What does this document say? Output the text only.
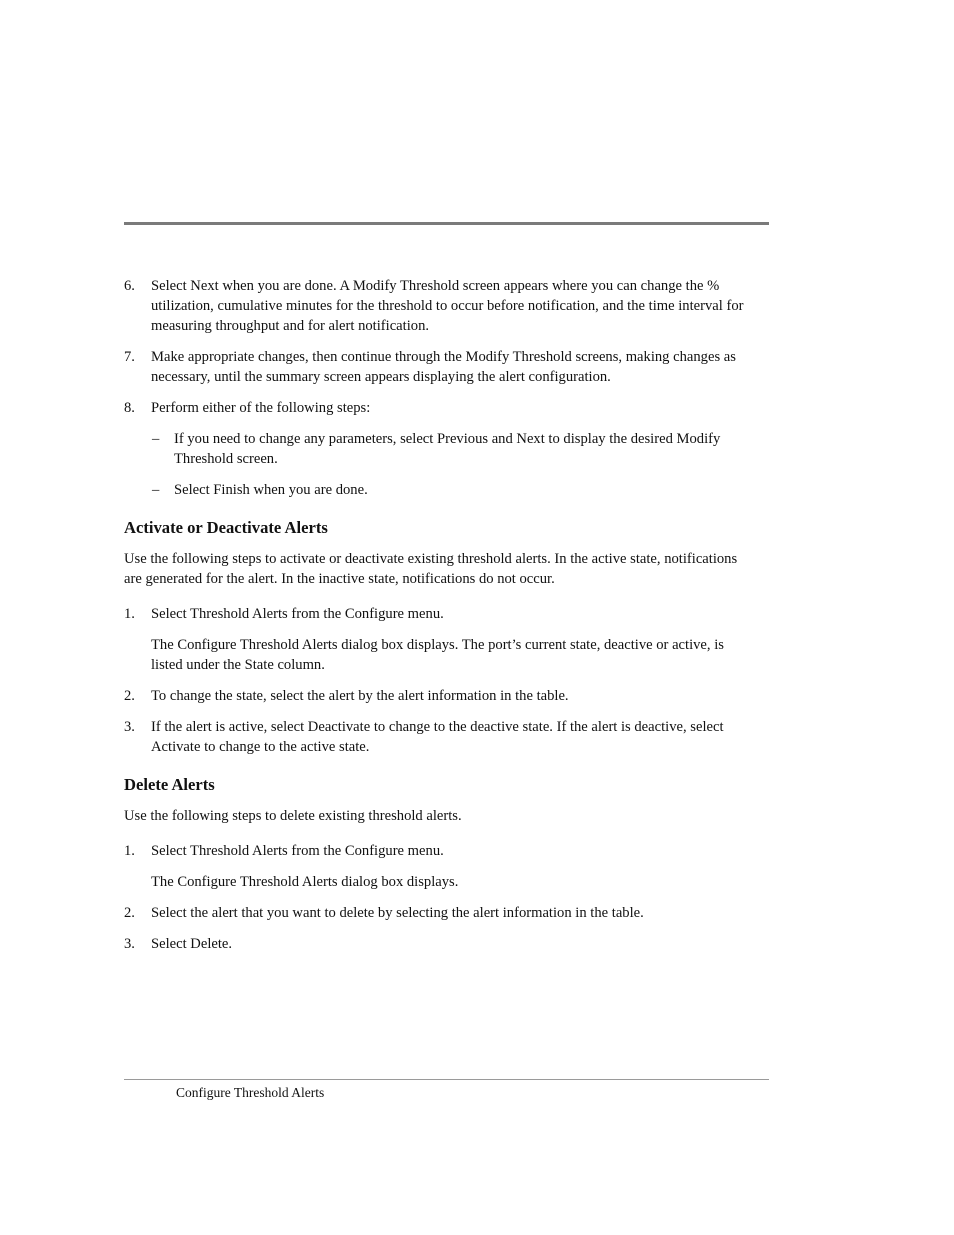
6. Select Next when you are done. A Modify Threshold screen appears where you can change the % utilization, cumulative minutes for the threshold to occur before notification, and the time interval for measuring throughput and for alert notification.
7. Make appropriate changes, then continue through the Modify Threshold screens, making changes as necessary, until the summary screen appears displaying the alert configuration.
8. Perform either of the following steps:
– If you need to change any parameters, select Previous and Next to display the desired Modify Threshold screen.
– Select Finish when you are done.
Activate or Deactivate Alerts
Use the following steps to activate or deactivate existing threshold alerts. In the active state, notifications are generated for the alert. In the inactive state, notifications do not occur.
1. Select Threshold Alerts from the Configure menu.
The Configure Threshold Alerts dialog box displays. The port’s current state, deactive or active, is listed under the State column.
2. To change the state, select the alert by the alert information in the table.
3. If the alert is active, select Deactivate to change to the deactive state. If the alert is deactive, select Activate to change to the active state.
Delete Alerts
Use the following steps to delete existing threshold alerts.
1. Select Threshold Alerts from the Configure menu.
The Configure Threshold Alerts dialog box displays.
2. Select the alert that you want to delete by selecting the alert information in the table.
3. Select Delete.
Configure Threshold Alerts
